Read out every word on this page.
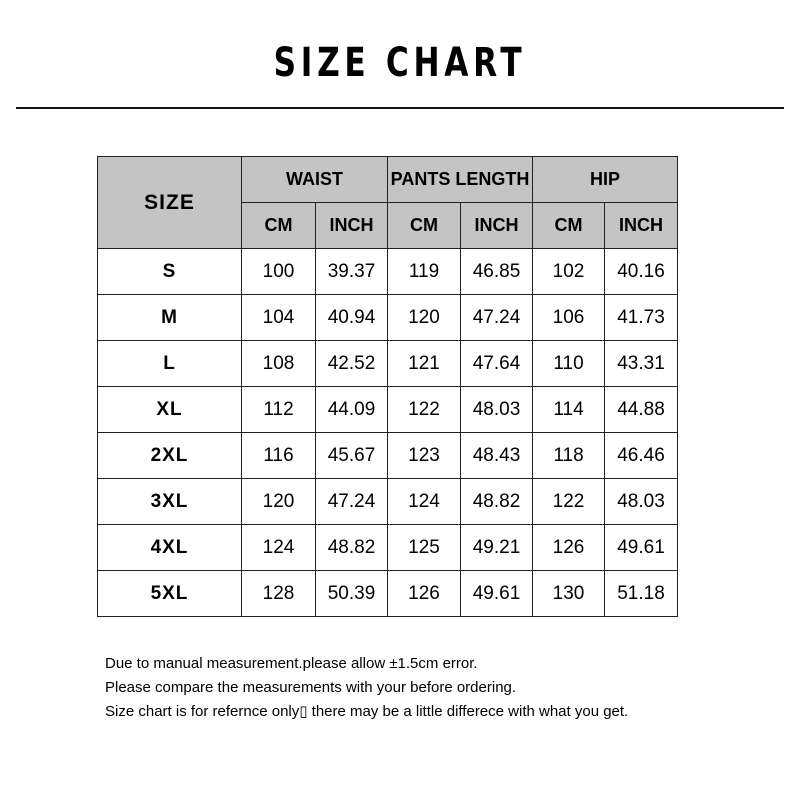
SIZE CHART
SIZE	WAIST		PANTS LENGTH		HIP	
	CM	INCH	CM	INCH	CM	INCH
S	100	39.37	119	46.85	102	40.16
M	104	40.94	120	47.24	106	41.73
L	108	42.52	121	47.64	110	43.31
XL	112	44.09	122	48.03	114	44.88
2XL	116	45.67	123	48.43	118	46.46
3XL	120	47.24	124	48.82	122	48.03
4XL	124	48.82	125	49.21	126	49.61
5XL	128	50.39	126	49.61	130	51.18
Due to manual measurement.please allow ±1.5cm error.
Please compare the measurements with your before ordering.
Size chart is for refernce only▯ there may be a little differece with what you get.
